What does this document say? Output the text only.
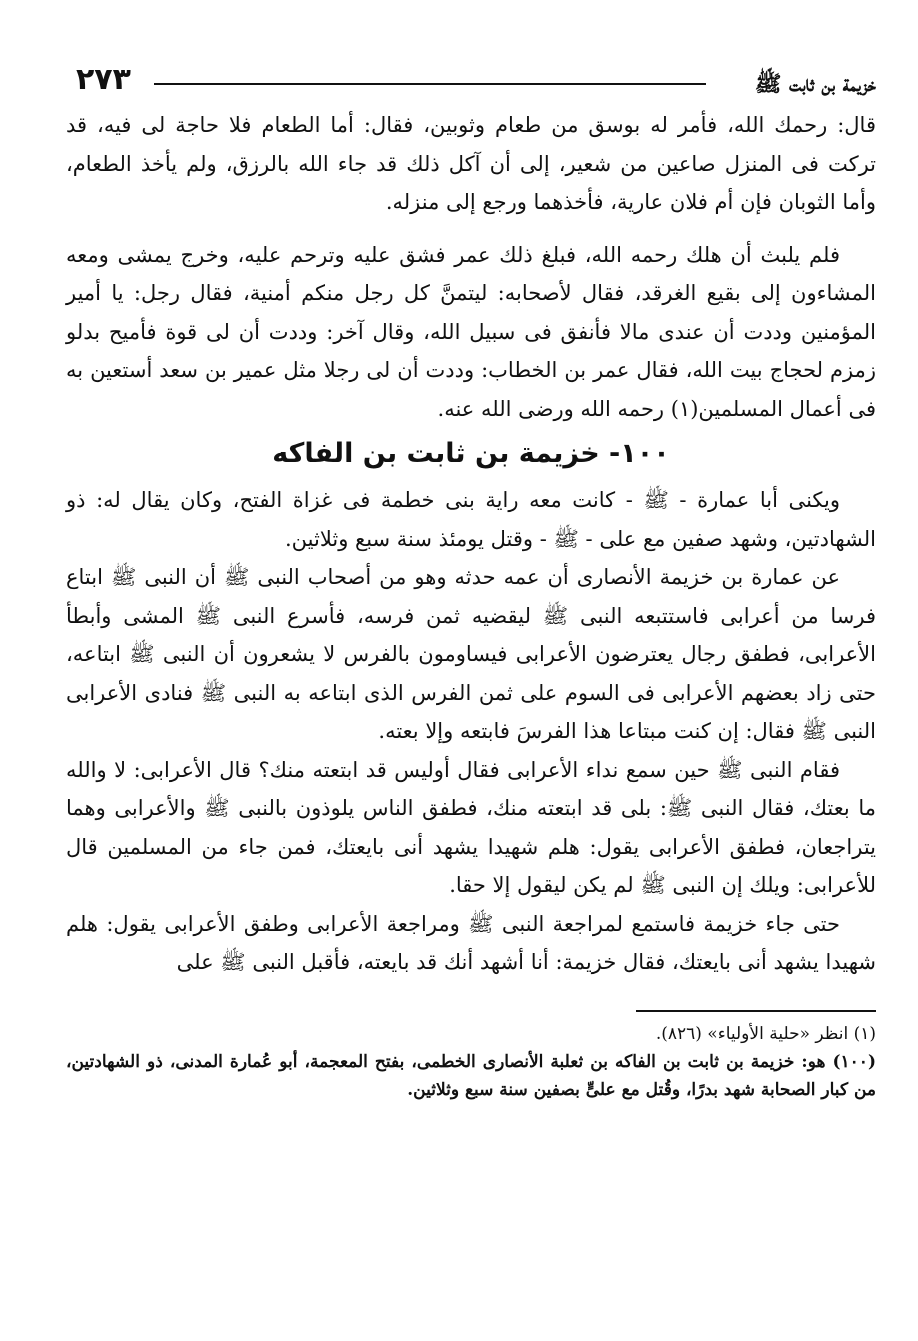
خزيمة بن ثابت ﷺ
٢٧٣

قال: رحمك الله، فأمر له بوسق من طعام وثوبين، فقال: أما الطعام فلا حاجة لى فيه، قد تركت فى المنزل صاعين من شعير، إلى أن آكل ذلك قد جاء الله بالرزق، ولم يأخذ الطعام، وأما الثوبان فإن أم فلان عارية، فأخذهما ورجع إلى منزله.

فلم يلبث أن هلك رحمه الله، فبلغ ذلك عمر فشق عليه وترحم عليه، وخرج يمشى ومعه المشاءون إلى بقيع الغرقد، فقال لأصحابه: ليتمنَّ كل رجل منكم أمنية، فقال رجل: يا أمير المؤمنين وددت أن عندى مالا فأنفق فى سبيل الله، وقال آخر: وددت أن لى قوة فأميح بدلو زمزم لحجاج بيت الله، فقال عمر بن الخطاب: وددت أن لى رجلا مثل عمير بن سعد أستعين به فى أعمال المسلمين(١) رحمه الله ورضى الله عنه.

١٠٠- خزيمة بن ثابت بن الفاكه

ويكنى أبا عمارة - ﷺ - كانت معه راية بنى خطمة فى غزاة الفتح، وكان يقال له: ذو الشهادتين، وشهد صفين مع على - ﷺ - وقتل يومئذ سنة سبع وثلاثين.

عن عمارة بن خزيمة الأنصارى أن عمه حدثه وهو من أصحاب النبى ﷺ أن النبى ﷺ ابتاع فرسا من أعرابى فاستتبعه النبى ﷺ ليقضيه ثمن فرسه، فأسرع النبى ﷺ المشى وأبطأ الأعرابى، فطفق رجال يعترضون الأعرابى فيساومون بالفرس لا يشعرون أن النبى ﷺ ابتاعه، حتى زاد بعضهم الأعرابى فى السوم على ثمن الفرس الذى ابتاعه به النبى ﷺ فنادى الأعرابى النبى ﷺ فقال: إن كنت مبتاعا هذا الفرسَ فابتعه وإلا بعته.

فقام النبى ﷺ حين سمع نداء الأعرابى فقال أوليس قد ابتعته منك؟ قال الأعرابى: لا والله ما بعتك، فقال النبى ﷺ: بلى قد ابتعته منك، فطفق الناس يلوذون بالنبى ﷺ والأعرابى وهما يتراجعان، فطفق الأعرابى يقول: هلم شهيدا يشهد أنى بايعتك، فمن جاء من المسلمين قال للأعرابى: ويلك إن النبى ﷺ لم يكن ليقول إلا حقا.

حتى جاء خزيمة فاستمع لمراجعة النبى ﷺ ومراجعة الأعرابى وطفق الأعرابى يقول: هلم شهيدا يشهد أنى بايعتك، فقال خزيمة: أنا أشهد أنك قد بايعته، فأقبل النبى ﷺ على

(١) انظر «حلية الأولياء» (٨٢٦).

(١٠٠) هو: خزيمة بن ثابت بن الفاكه بن ثعلبة الأنصارى الخطمى، بفتح المعجمة، أبو عُمارة المدنى، ذو الشهادتين، من كبار الصحابة شهد بدرًا، وقُتل مع علىٍّ بصفين سنة سبع وثلاثين.
